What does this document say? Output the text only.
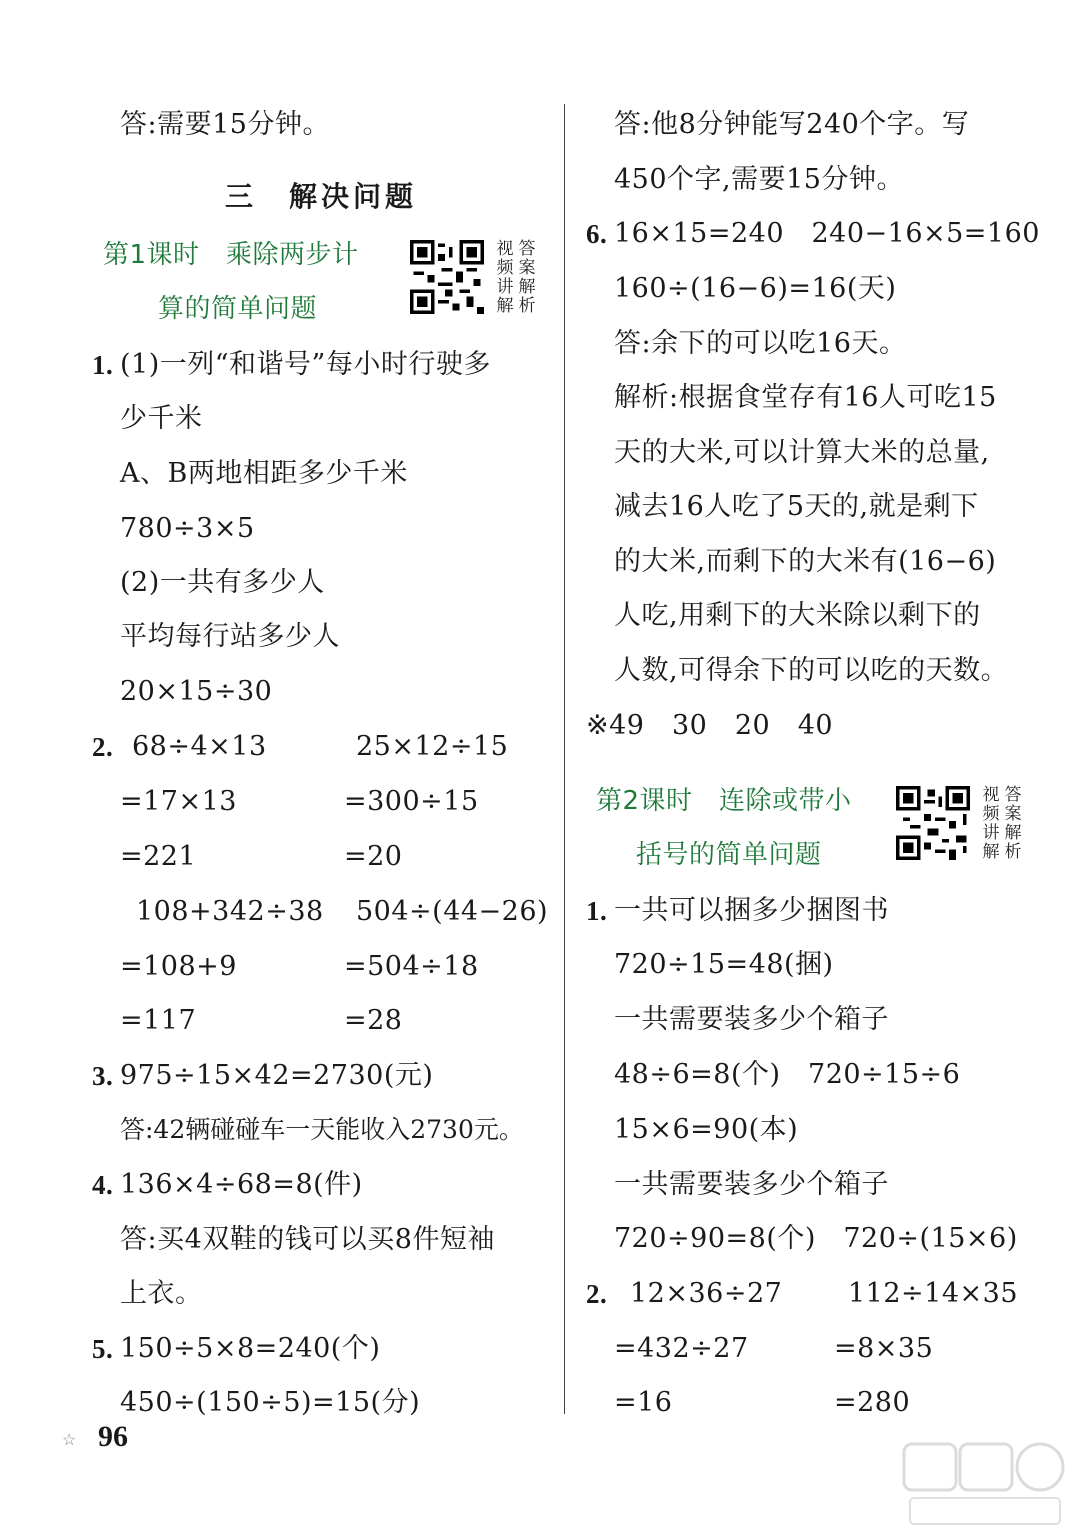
答:需要15分钟。
三　解决问题
第1课时　乘除两步计
算的简单问题
视 答
频 案
讲 解
解 析
1. (1)一列“和谐号”每小时行驶多
少千米
A、B两地相距多少千米
780÷3×5
(2)一共有多少人
平均每行站多少人
20×15÷30
2. 68÷4×13
=17×13
=221
108+342÷38
=108+9
=117
25×12÷15
=300÷15
=20
504÷(44−26)
=504÷18
=28
3. 975÷15×42=2730(元)
答:42辆碰碰车一天能收入2730元。
4. 136×4÷68=8(件)
答:买4双鞋的钱可以买8件短袖
上衣。
5. 150÷5×8=240(个)
450÷(150÷5)=15(分)
答:他8分钟能写240个字。写
450个字,需要15分钟。
6. 16×15=240　240−16×5=160
160÷(16−6)=16(天)
答:余下的可以吃16天。
解析:根据食堂存有16人可吃15
天的大米,可以计算大米的总量,
减去16人吃了5天的,就是剩下
的大米,而剩下的大米有(16−6)
人吃,用剩下的大米除以剩下的
人数,可得余下的可以吃的天数。
※49　30　20　40
第2课时　连除或带小
括号的简单问题
视 答
频 案
讲 解
解 析
1. 一共可以捆多少捆图书
720÷15=48(捆)
一共需要装多少个箱子
48÷6=8(个)　720÷15÷6
15×6=90(本)
一共需要装多少个箱子
720÷90=8(个)　720÷(15×6)
2. 12×36÷27
=432÷27
=16
112÷14×35
=8×35
=280
☆ 96
